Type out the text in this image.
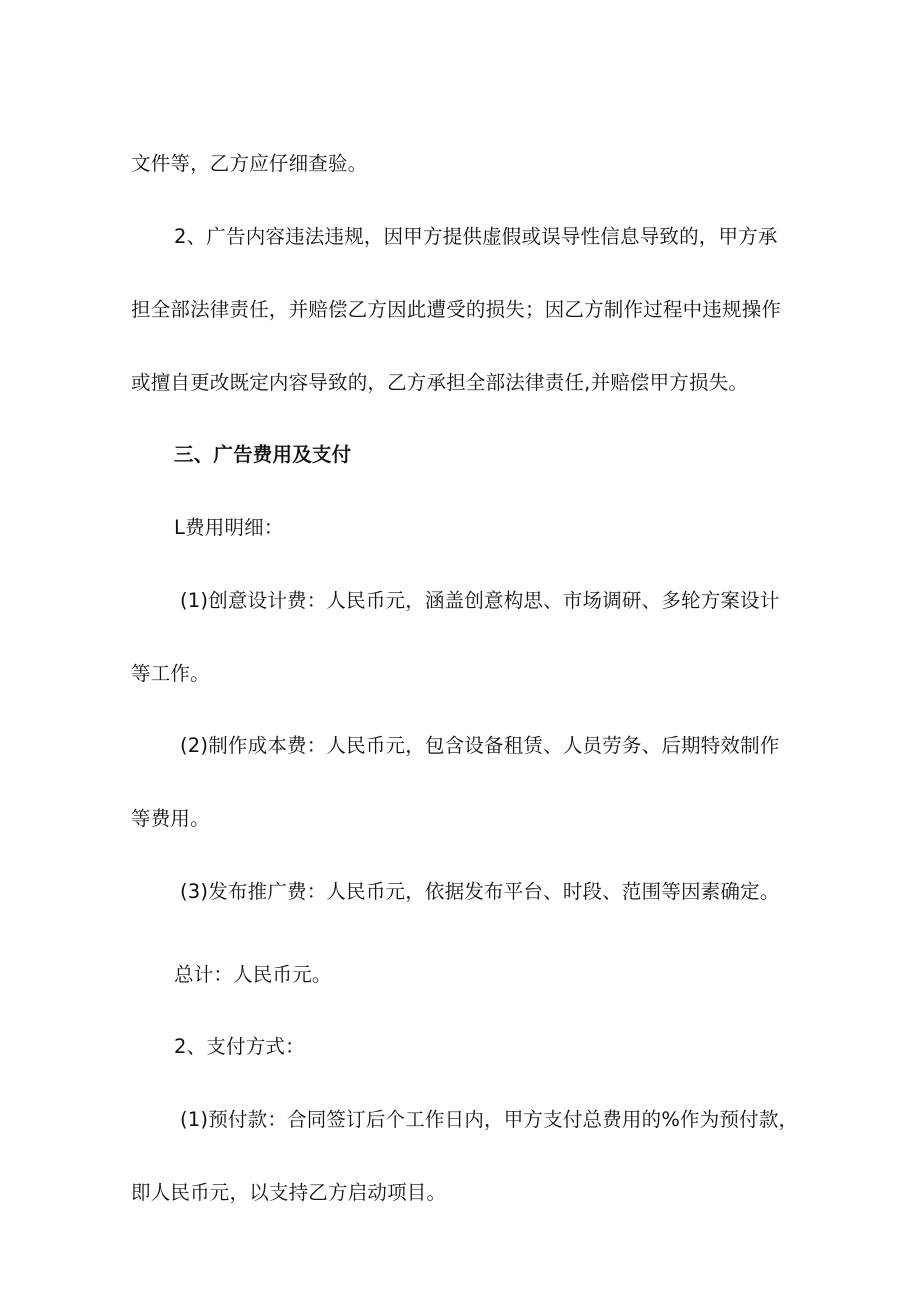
文件等，乙方应仔细查验。
2、广告内容违法违规，因甲方提供虚假或误导性信息导致的，甲方承
担全部法律责任，并赔偿乙方因此遭受的损失；因乙方制作过程中违规操作
或擅自更改既定内容导致的，乙方承担全部法律责任,并赔偿甲方损失。
三、广告费用及支付
L费用明细：
(1)创意设计费：人民币元，涵盖创意构思、市场调研、多轮方案设计
等工作。
(2)制作成本费：人民币元，包含设备租赁、人员劳务、后期特效制作
等费用。
(3)发布推广费：人民币元，依据发布平台、时段、范围等因素确定。
总计：人民币元。
2、支付方式：
(1)预付款：合同签订后个工作日内，甲方支付总费用的%作为预付款，
即人民币元，以支持乙方启动项目。
